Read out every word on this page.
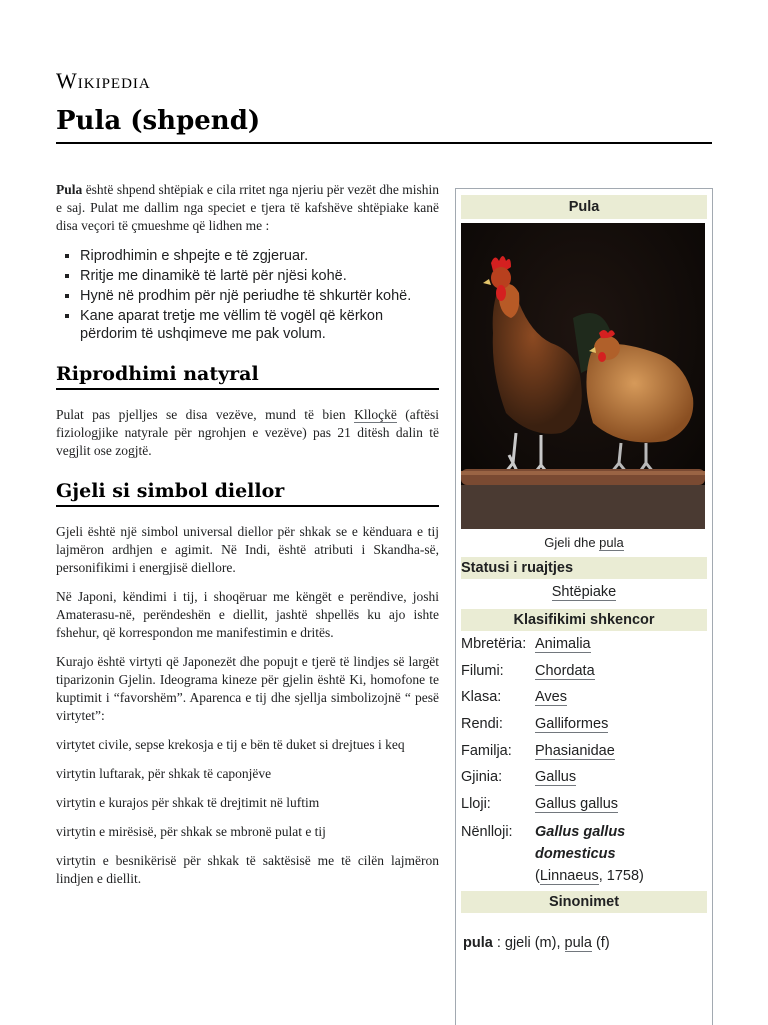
Wikipedia
Pula (shpend)

Pula është shpend shtëpiak e cila rritet nga njeriu për vezët dhe mishin e saj. Pulat me dallim nga speciet e tjera të kafshëve shtëpiake kanë disa veçori të çmueshme që lidhen me :

▪ Riprodhimin e shpejte e të zgjeruar.
▪ Rritje me dinamikë të lartë për njësi kohë.
▪ Hynë në prodhim për një periudhe të shkurtër kohë.
▪ Kane aparat tretje me vëllim të vogël që kërkon përdorim të ushqimeve me pak volum.
Riprodhimi natyral

Pulat pas pjelljes se disa vezëve, mund të bien Klloçkë (aftësi fiziologjike natyrale për ngrohjen e vezëve) pas 21 ditësh dalin të vegjlit ose zogjtë.

Gjeli si simbol diellor

Gjeli është një simbol universal diellor për shkak se e kënduara e tij lajmëron ardhjen e agimit. Në Indi, është atributi i Skandha-së, personifikimi i energjisë diellore.

Në Japoni, këndimi i tij, i shoqëruar me këngët e perëndive, joshi Amaterasu-në, perëndeshën e diellit, jashtë shpellës ku ajo ishte fshehur, që korrespondon me manifestimin e dritës.

Kurajo është virtyti që Japonezët dhe popujt e tjerë të lindjes së largët tiparizonin Gjelin. Ideograma kineze për gjelin është Ki, homofone te kuptimit i “favorshëm”. Aparenca e tij dhe sjellja simbolizojnë “ pesë virtytet”:

virtytet civile, sepse krekosja e tij e bën të duket si drejtues i keq

virtytin luftarak, për shkak të caponjëve

virtytin e kurajos për shkak të drejtimit në luftim

virtytin e mirësisë, për shkak se mbronë pulat e tij

virtytin e besnikërisë për shkak të saktësisë me të cilën lajmëron lindjen e diellit.

Pula
Gjeli dhe pula
Statusi i ruajtjes
Shtëpiake
Klasifikimi shkencor
Mbretëria: Animalia
Filumi:	Chordata
Klasa:	Aves
Rendi:	Galliformes
Familja:	Phasianidae
Gjinia:	Gallus
Lloji:	Gallus gallus
Nënlloji:	Gallus gallus domesticus
(Linnaeus, 1758)
Sinonimet
pula : gjeli (m), pula (f)
